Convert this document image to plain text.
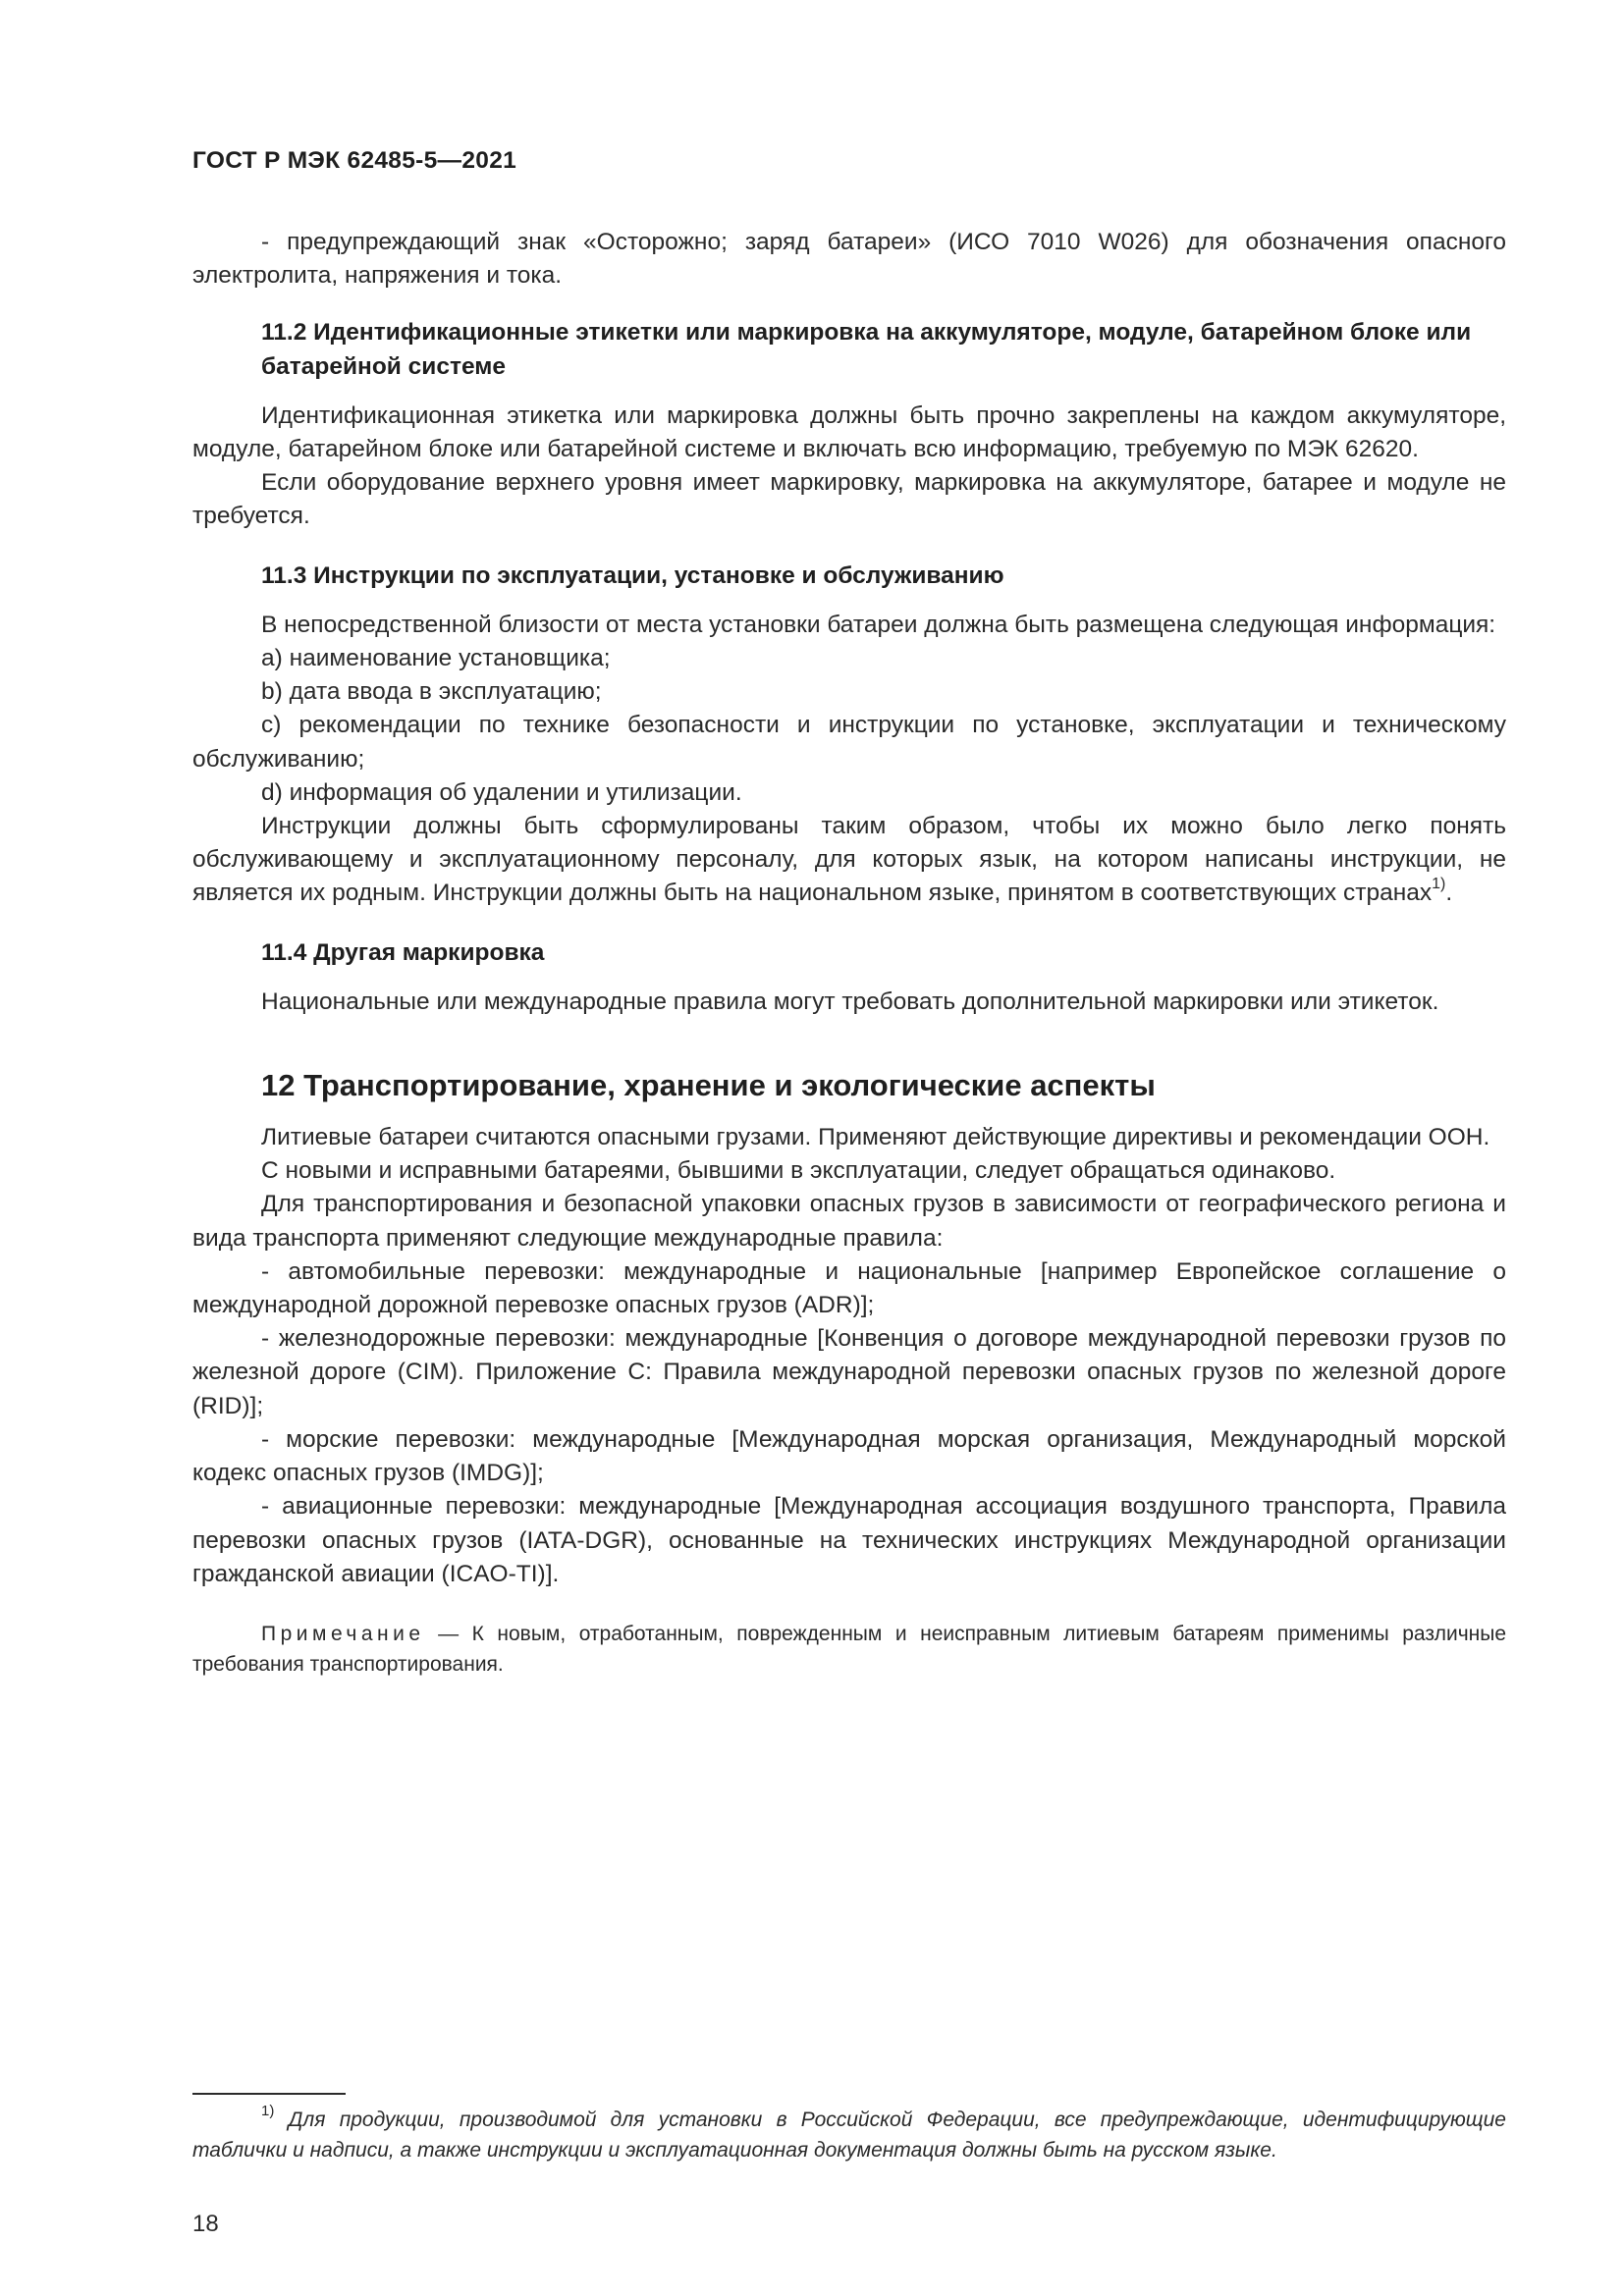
ГОСТ Р МЭК 62485-5—2021

- предупреждающий знак «Осторожно; заряд батареи» (ИСО 7010 W026) для обозначения опасного электролита, напряжения и тока.

11.2 Идентификационные этикетки или маркировка на аккумуляторе, модуле, батарейном блоке или батарейной системе

Идентификационная этикетка или маркировка должны быть прочно закреплены на каждом аккумуляторе, модуле, батарейном блоке или батарейной системе и включать всю информацию, требуемую по МЭК 62620.

Если оборудование верхнего уровня имеет маркировку, маркировка на аккумуляторе, батарее и модуле не требуется.

11.3 Инструкции по эксплуатации, установке и обслуживанию

В непосредственной близости от места установки батареи должна быть размещена следующая информация:

a) наименование установщика;

b) дата ввода в эксплуатацию;

c) рекомендации по технике безопасности и инструкции по установке, эксплуатации и техническому обслуживанию;

d) информация об удалении и утилизации.

Инструкции должны быть сформулированы таким образом, чтобы их можно было легко понять обслуживающему и эксплуатационному персоналу, для которых язык, на котором написаны инструкции, не является их родным. Инструкции должны быть на национальном языке, принятом в соответствующих странах$^{1)}$.

11.4 Другая маркировка

Национальные или международные правила могут требовать дополнительной маркировки или этикеток.

12 Транспортирование, хранение и экологические аспекты

Литиевые батареи считаются опасными грузами. Применяют действующие директивы и рекомендации ООН.

С новыми и исправными батареями, бывшими в эксплуатации, следует обращаться одинаково.

Для транспортирования и безопасной упаковки опасных грузов в зависимости от географического региона и вида транспорта применяют следующие международные правила:

- автомобильные перевозки: международные и национальные [например Европейское соглашение о международной дорожной перевозке опасных грузов (ADR)];

- железнодорожные перевозки: международные [Конвенция о договоре международной перевозки грузов по железной дороге (CIM). Приложение С: Правила международной перевозки опасных грузов по железной дороге (RID)];

- морские перевозки: международные [Международная морская организация, Международный морской кодекс опасных грузов (IMDG)];

- авиационные перевозки: международные [Международная ассоциация воздушного транспорта, Правила перевозки опасных грузов (IATA-DGR), основанные на технических инструкциях Международной организации гражданской авиации (ICAO-TI)].

Примечание — К новым, отработанным, поврежденным и неисправным литиевым батареям применимы различные требования транспортирования.

$^{1)}$ Для продукции, производимой для установки в Российской Федерации, все предупреждающие, идентифицирующие таблички и надписи, а также инструкции и эксплуатационная документация должны быть на русском языке.

18
